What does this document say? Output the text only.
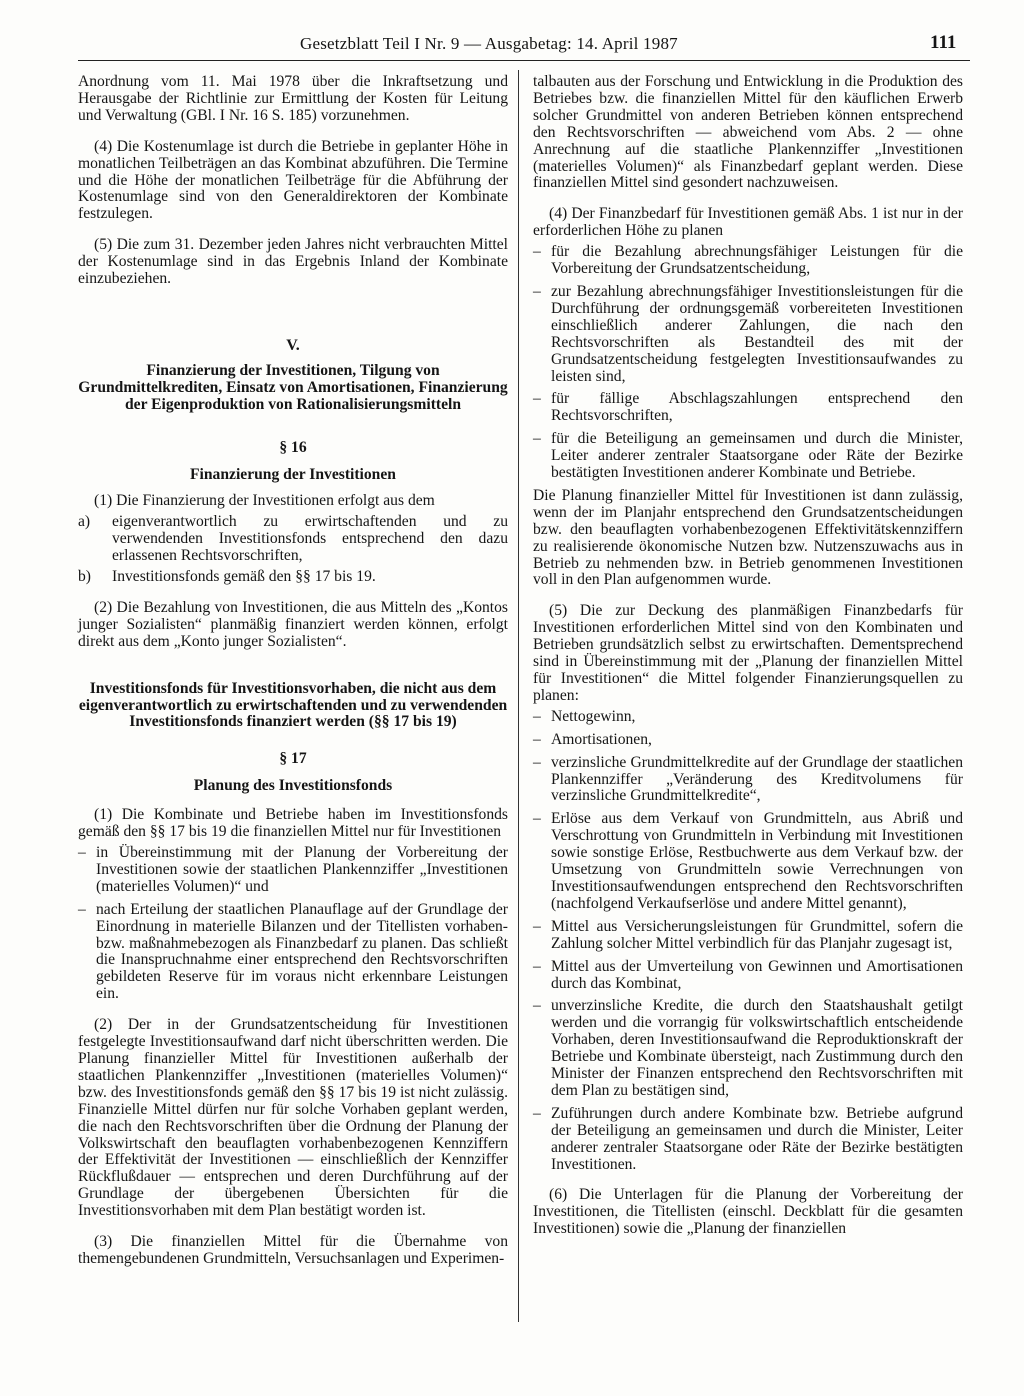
Gesetzblatt Teil I Nr. 9 — Ausgabetag: 14. April 1987	111

Anordnung vom 11. Mai 1978 über die Inkraftsetzung und Herausgabe der Richtlinie zur Ermittlung der Kosten für Leitung und Verwaltung (GBl. I Nr. 16 S. 185) vorzunehmen.

(4) Die Kostenumlage ist durch die Betriebe in geplanter Höhe in monatlichen Teilbeträgen an das Kombinat abzuführen. Die Termine und die Höhe der monatlichen Teilbeträge für die Abführung der Kostenumlage sind von den Generaldirektoren der Kombinate festzulegen.

(5) Die zum 31. Dezember jeden Jahres nicht verbrauchten Mittel der Kostenumlage sind in das Ergebnis Inland der Kombinate einzubeziehen.

V.
Finanzierung der Investitionen, Tilgung von Grundmittelkrediten, Einsatz von Amortisationen, Finanzierung der Eigenproduktion von Rationalisierungsmitteln
§ 16
Finanzierung der Investitionen

(1) Die Finanzierung der Investitionen erfolgt aus dem

a) eigenverantwortlich zu erwirtschaftenden und zu verwendenden Investitionsfonds entsprechend den dazu erlassenen Rechtsvorschriften,
b) Investitionsfonds gemäß den §§ 17 bis 19.

(2) Die Bezahlung von Investitionen, die aus Mitteln des „Kontos junger Sozialisten“ planmäßig finanziert werden können, erfolgt direkt aus dem „Konto junger Sozialisten“.

Investitionsfonds für Investitionsvorhaben, die nicht aus dem eigenverantwortlich zu erwirtschaftenden und zu verwendenden Investitionsfonds finanziert werden (§§ 17 bis 19)
§ 17
Planung des Investitionsfonds

(1) Die Kombinate und Betriebe haben im Investitionsfonds gemäß den §§ 17 bis 19 die finanziellen Mittel nur für Investitionen

– in Übereinstimmung mit der Planung der Vorbereitung der Investitionen sowie der staatlichen Plankennziffer „Investitionen (materielles Volumen)“ und
– nach Erteilung der staatlichen Planauflage auf der Grundlage der Einordnung in materielle Bilanzen und der Titellisten vorhaben- bzw. maßnahmebezogen als Finanzbedarf zu planen. Das schließt die Inanspruchnahme einer entsprechend den Rechtsvorschriften gebildeten Reserve für im voraus nicht erkennbare Leistungen ein.

(2) Der in der Grundsatzentscheidung für Investitionen festgelegte Investitionsaufwand darf nicht überschritten werden. Die Planung finanzieller Mittel für Investitionen außerhalb der staatlichen Plankennziffer „Investitionen (materielles Volumen)“ bzw. des Investitionsfonds gemäß den §§ 17 bis 19 ist nicht zulässig. Finanzielle Mittel dürfen nur für solche Vorhaben geplant werden, die nach den Rechtsvorschriften über die Ordnung der Planung der Volkswirtschaft den beauflagten vorhabenbezogenen Kennziffern der Effektivität der Investitionen — einschließlich der Kennziffer Rückflußdauer — entsprechen und deren Durchführung auf der Grundlage der übergebenen Übersichten für die Investitionsvorhaben mit dem Plan bestätigt worden ist.

(3) Die finanziellen Mittel für die Übernahme von themengebundenen Grundmitteln, Versuchsanlagen und Experimen-

talbauten aus der Forschung und Entwicklung in die Produktion des Betriebes bzw. die finanziellen Mittel für den käuflichen Erwerb solcher Grundmittel von anderen Betrieben können entsprechend den Rechtsvorschriften — abweichend vom Abs. 2 — ohne Anrechnung auf die staatliche Plankennziffer „Investitionen (materielles Volumen)“ als Finanzbedarf geplant werden. Diese finanziellen Mittel sind gesondert nachzuweisen.

(4) Der Finanzbedarf für Investitionen gemäß Abs. 1 ist nur in der erforderlichen Höhe zu planen

– für die Bezahlung abrechnungsfähiger Leistungen für die Vorbereitung der Grundsatzentscheidung,
– zur Bezahlung abrechnungsfähiger Investitionsleistungen für die Durchführung der ordnungsgemäß vorbereiteten Investitionen einschließlich anderer Zahlungen, die nach den Rechtsvorschriften als Bestandteil des mit der Grundsatzentscheidung festgelegten Investitionsaufwandes zu leisten sind,
– für fällige Abschlagszahlungen entsprechend den Rechtsvorschriften,
– für die Beteiligung an gemeinsamen und durch die Minister, Leiter anderer zentraler Staatsorgane oder Räte der Bezirke bestätigten Investitionen anderer Kombinate und Betriebe.

Die Planung finanzieller Mittel für Investitionen ist dann zulässig, wenn der im Planjahr entsprechend den Grundsatzentscheidungen bzw. den beauflagten vorhabenbezogenen Effektivitätskennziffern zu realisierende ökonomische Nutzen bzw. Nutzenszuwachs aus in Betrieb zu nehmenden bzw. in Betrieb genommenen Investitionen voll in den Plan aufgenommen wurde.

(5) Die zur Deckung des planmäßigen Finanzbedarfs für Investitionen erforderlichen Mittel sind von den Kombinaten und Betrieben grundsätzlich selbst zu erwirtschaften. Dementsprechend sind in Übereinstimmung mit der „Planung der finanziellen Mittel für Investitionen“ die Mittel folgender Finanzierungsquellen zu planen:

– Nettogewinn,
– Amortisationen,
– verzinsliche Grundmittelkredite auf der Grundlage der staatlichen Plankennziffer „Veränderung des Kreditvolumens für verzinsliche Grundmittelkredite“,
– Erlöse aus dem Verkauf von Grundmitteln, aus Abriß und Verschrottung von Grundmitteln in Verbindung mit Investitionen sowie sonstige Erlöse, Restbuchwerte aus dem Verkauf bzw. der Umsetzung von Grundmitteln sowie Verrechnungen von Investitionsaufwendungen entsprechend den Rechtsvorschriften (nachfolgend Verkaufserlöse und andere Mittel genannt),
– Mittel aus Versicherungsleistungen für Grundmittel, sofern die Zahlung solcher Mittel verbindlich für das Planjahr zugesagt ist,
– Mittel aus der Umverteilung von Gewinnen und Amortisationen durch das Kombinat,
– unverzinsliche Kredite, die durch den Staatshaushalt getilgt werden und die vorrangig für volkswirtschaftlich entscheidende Vorhaben, deren Investitionsaufwand die Reproduktionskraft der Betriebe und Kombinate übersteigt, nach Zustimmung durch den Minister der Finanzen entsprechend den Rechtsvorschriften mit dem Plan zu bestätigen sind,
– Zuführungen durch andere Kombinate bzw. Betriebe aufgrund der Beteiligung an gemeinsamen und durch die Minister, Leiter anderer zentraler Staatsorgane oder Räte der Bezirke bestätigten Investitionen.

(6) Die Unterlagen für die Planung der Vorbereitung der Investitionen, die Titellisten (einschl. Deckblatt für die gesamten Investitionen) sowie die „Planung der finanziellen
